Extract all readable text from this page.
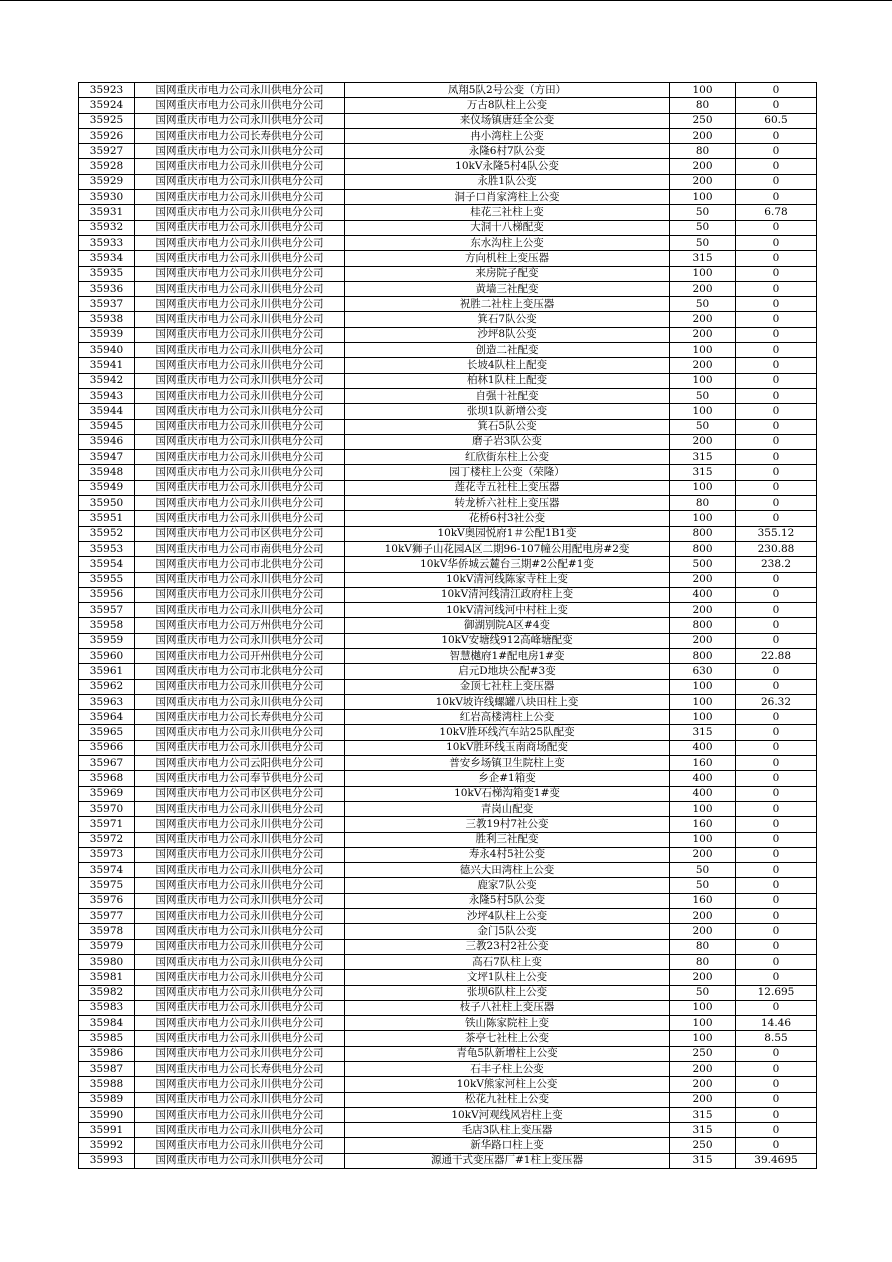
35923	国网重庆市电力公司永川供电分公司	凤翔5队2号公变（方田）	100	0
35924	国网重庆市电力公司永川供电分公司	万古8队柱上公变	80	0
35925	国网重庆市电力公司永川供电分公司	来仪场镇唐廷全公变	250	60.5
35926	国网重庆市电力公司长寿供电分公司	冉小湾柱上公变	200	0
35927	国网重庆市电力公司永川供电分公司	永隆6村7队公变	80	0
35928	国网重庆市电力公司永川供电分公司	10kV永隆5村4队公变	200	0
35929	国网重庆市电力公司永川供电分公司	永胜1队公变	200	0
35930	国网重庆市电力公司永川供电分公司	洞子口肖家湾柱上公变	100	0
35931	国网重庆市电力公司永川供电分公司	桂花三社柱上变	50	6.78
35932	国网重庆市电力公司永川供电分公司	大洞十八梯配变	50	0
35933	国网重庆市电力公司永川供电分公司	东水沟柱上公变	50	0
35934	国网重庆市电力公司永川供电分公司	方向机柱上变压器	315	0
35935	国网重庆市电力公司永川供电分公司	来房院子配变	100	0
35936	国网重庆市电力公司永川供电分公司	黄墙三社配变	200	0
35937	国网重庆市电力公司永川供电分公司	祝胜二社柱上变压器	50	0
35938	国网重庆市电力公司永川供电分公司	箕石7队公变	200	0
35939	国网重庆市电力公司永川供电分公司	沙坪8队公变	200	0
35940	国网重庆市电力公司永川供电分公司	创造二社配变	100	0
35941	国网重庆市电力公司永川供电分公司	长坡4队柱上配变	200	0
35942	国网重庆市电力公司永川供电分公司	柏林1队柱上配变	100	0
35943	国网重庆市电力公司永川供电分公司	自强十社配变	50	0
35944	国网重庆市电力公司永川供电分公司	张坝1队新增公变	100	0
35945	国网重庆市电力公司永川供电分公司	箕石5队公变	50	0
35946	国网重庆市电力公司永川供电分公司	磨子岩3队公变	200	0
35947	国网重庆市电力公司永川供电分公司	红欣街东柱上公变	315	0
35948	国网重庆市电力公司永川供电分公司	园丁楼柱上公变（荣隆）	315	0
35949	国网重庆市电力公司永川供电分公司	莲花寺五社柱上变压器	100	0
35950	国网重庆市电力公司永川供电分公司	转龙桥六社柱上变压器	80	0
35951	国网重庆市电力公司永川供电分公司	花桥6村3社公变	100	0
35952	国网重庆市电力公司市区供电分公司	10kV奥园悦府1＃公配1B1变	800	355.12
35953	国网重庆市电力公司市南供电分公司	10kV狮子山花园A区二期96-107幢公用配电房#2变	800	230.88
35954	国网重庆市电力公司市北供电分公司	10kV华侨城云麓台三期#2公配#1变	500	238.2
35955	国网重庆市电力公司永川供电分公司	10kV清河线陈家寺柱上变	200	0
35956	国网重庆市电力公司永川供电分公司	10kV清河线清江政府柱上变	400	0
35957	国网重庆市电力公司永川供电分公司	10kV清河线河中村柱上变	200	0
35958	国网重庆市电力公司万州供电分公司	御湖别院A区#4变	800	0
35959	国网重庆市电力公司永川供电分公司	10kV安塘线912高峰塘配变	200	0
35960	国网重庆市电力公司开州供电分公司	智慧樾府1#配电房1#变	800	22.88
35961	国网重庆市电力公司市北供电分公司	启元D地块公配#3变	630	0
35962	国网重庆市电力公司永川供电分公司	金顶七社柱上变压器	100	0
35963	国网重庆市电力公司永川供电分公司	10kV坡许线螺罐八块田柱上变	100	26.32
35964	国网重庆市电力公司长寿供电分公司	红岩高楼湾柱上公变	100	0
35965	国网重庆市电力公司永川供电分公司	10kV胜环线汽车站25队配变	315	0
35966	国网重庆市电力公司永川供电分公司	10kV胜环线玉南商场配变	400	0
35967	国网重庆市电力公司云阳供电分公司	普安乡场镇卫生院柱上变	160	0
35968	国网重庆市电力公司奉节供电分公司	乡企#1箱变	400	0
35969	国网重庆市电力公司市区供电分公司	10kV石梯沟箱变1#变	400	0
35970	国网重庆市电力公司永川供电分公司	青岗山配变	100	0
35971	国网重庆市电力公司永川供电分公司	三教19村7社公变	160	0
35972	国网重庆市电力公司永川供电分公司	胜利三社配变	100	0
35973	国网重庆市电力公司永川供电分公司	寿永4村5社公变	200	0
35974	国网重庆市电力公司永川供电分公司	德兴大田湾柱上公变	50	0
35975	国网重庆市电力公司永川供电分公司	鹿家7队公变	50	0
35976	国网重庆市电力公司永川供电分公司	永隆5村5队公变	160	0
35977	国网重庆市电力公司永川供电分公司	沙坪4队柱上公变	200	0
35978	国网重庆市电力公司永川供电分公司	金门5队公变	200	0
35979	国网重庆市电力公司永川供电分公司	三教23村2社公变	80	0
35980	国网重庆市电力公司永川供电分公司	高石7队柱上变	80	0
35981	国网重庆市电力公司永川供电分公司	文坪1队柱上公变	200	0
35982	国网重庆市电力公司永川供电分公司	张坝6队柱上公变	50	12.695
35983	国网重庆市电力公司永川供电分公司	枝子八社柱上变压器	100	0
35984	国网重庆市电力公司永川供电分公司	铁山陈家院柱上变	100	14.46
35985	国网重庆市电力公司永川供电分公司	茶亭七社柱上公变	100	8.55
35986	国网重庆市电力公司永川供电分公司	青龟5队新增柱上公变	250	0
35987	国网重庆市电力公司长寿供电分公司	石丰子柱上公变	200	0
35988	国网重庆市电力公司永川供电分公司	10kV熊家河柱上公变	200	0
35989	国网重庆市电力公司永川供电分公司	松花九社柱上公变	200	0
35990	国网重庆市电力公司永川供电分公司	10kV河观线风岩柱上变	315	0
35991	国网重庆市电力公司永川供电分公司	毛店3队柱上变压器	315	0
35992	国网重庆市电力公司永川供电分公司	新华路口柱上变	250	0
35993	国网重庆市电力公司永川供电分公司	源通干式变压器厂#1柱上变压器	315	39.4695
